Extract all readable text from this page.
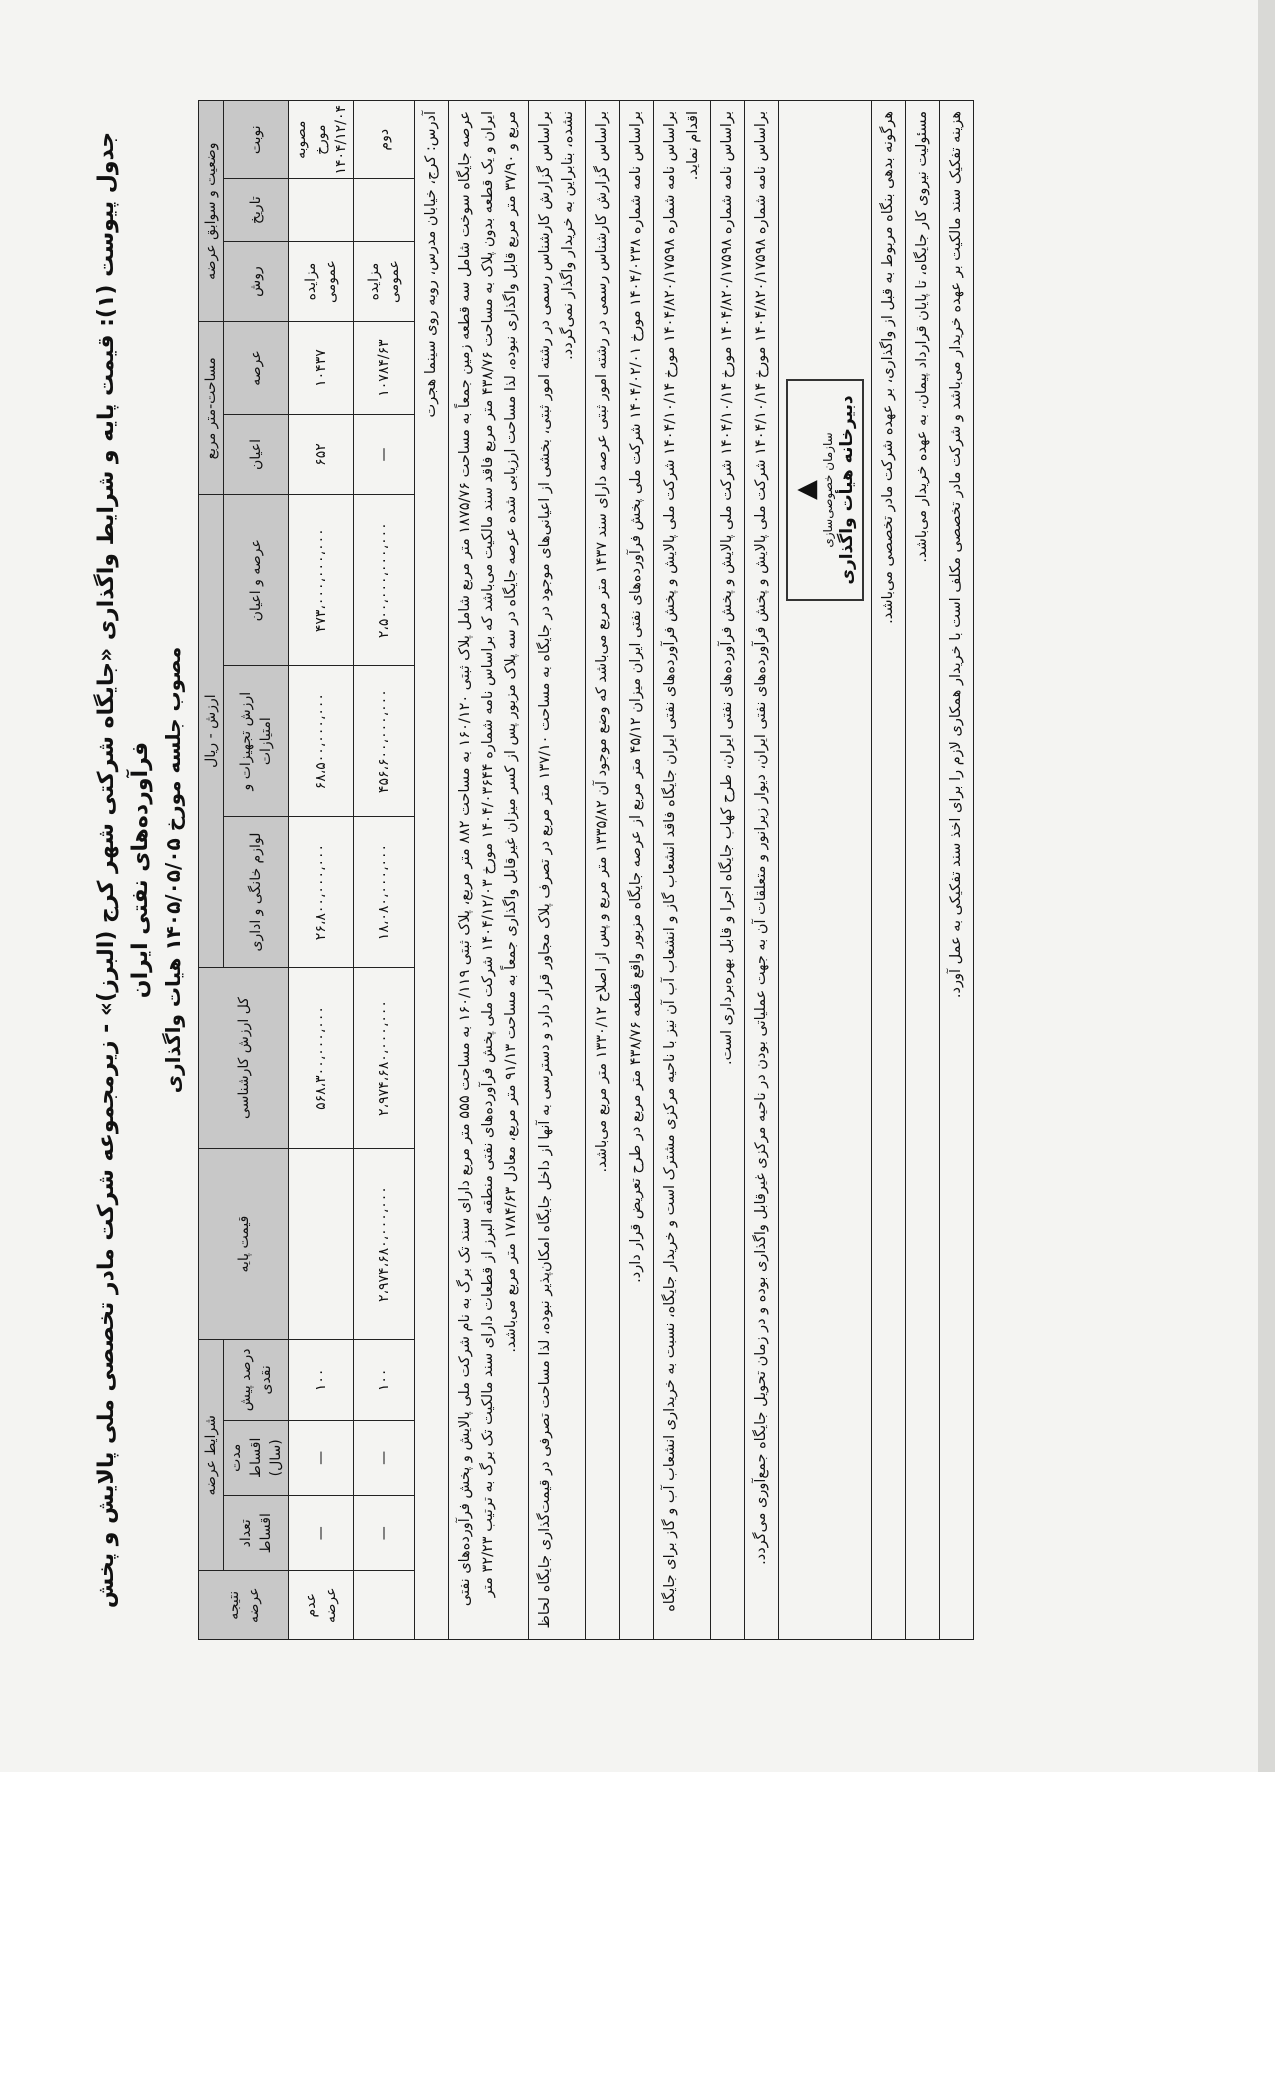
جدول پیوست (۱): قیمت پایه و شرایط واگذاری «جایگاه شرکتی شهر کرج (البرز)» - زیرمجموعه شرکت مادر تخصصی ملی پالایش و پخش فرآورده‌های نفتی ایران

مصوب جلسه مورخ ۱۴۰۵/۰۵/۰۵ هیات واگذاری

وضعیت و سوابق عرضه			مساحت-متر مربع		ارزش - ریال			کل ارزش کارشناسی	قیمت پایه	شرایط عرضه			نتیجه عرضه
نوبت	تاریخ	روش	عرصه	اعیان	عرصه و اعیان	ارزش تجهیزات و امتیازات	لوازم خانگی و اداری			درصد پیش نقدی	مدت اقساط (سال)	تعداد اقساط	
مصوبه مورخ ۱۴۰۴/۱۲/۰۴		مزایده عمومی	۱۰۴۳۷	۶۵۲	۴۷۳،۰۰۰،۰۰۰،۰۰۰	۶۸،۵۰۰،۰۰۰،۰۰۰	۲۶،۸۰۰،۰۰۰،۰۰۰	۵۶۸،۳۰۰،۰۰۰،۰۰۰		۱۰۰	—	—	عدم عرضه
دوم		مزایده عمومی	۱۰۷۸۴/۶۳	—	۲،۵۰۰،۰۰۰،۰۰۰،۰۰۰	۴۵۶،۶۰۰،۰۰۰،۰۰۰	۱۸،۰۸۰،۰۰۰،۰۰۰	۲،۹۷۴،۶۸۰،۰۰۰،۰۰۰	۲،۹۷۴،۶۸۰،۰۰۰،۰۰۰	۱۰۰	—	—	
آدرس: کرج، خیابان مدرس، روبه روی سینما هجرت													
عرصه جایگاه سوخت شامل سه قطعه زمین جمعاً به مساحت ۱۸۷۵/۷۶ متر مربع شامل پلاک ثبتی ۱۶۰/۱۲۰ به مساحت ۸۸۲ متر مربع، پلاک ثبتی ۱۶۰/۱۱۹ به مساحت ۵۵۵ متر مربع دارای سند تک برگ به نام شرکت ملی پالایش و پخش فرآورده‌های نفتی ایران و یک قطعه بدون پلاک به مساحت ۴۳۸/۷۶ متر مربع فاقد سند مالکیت می‌باشد که براساس نامه شماره ۱۴۰۴/۰۳۶۴۴ مورخ ۱۴۰۴/۱۲/۰۳ شرکت ملی پخش فرآورده‌های نفتی منطقه البرز از قطعات دارای سند مالکیت تک برگ به ترتیب ۳۲/۲۳ متر مربع و ۳۷/۹۰ متر مربع قابل واگذاری نبوده، لذا مساحت ارزیابی شده عرصه جایگاه در سه پلاک مزبور پس از کسر میزان غیرقابل واگذاری جمعاً به مساحت ۹۱/۱۳ متر مربع، معادل ۱۷۸۴/۶۳ متر مربع می‌باشد.													
براساس گزارش کارشناس رسمی در رشته امور ثبتی، بخشی از اعیانی‌های موجود در جایگاه به مساحت ۱۳۷/۱۰ متر مربع در تصرف پلاک مجاور قرار دارد و دسترسی به آنها از داخل جایگاه امکان‌پذیر نبوده، لذا مساحت تصرفی در قیمت‌گذاری جایگاه لحاظ نشده، بنابراین به خریدار واگذار نمی‌گردد.													
براساس گزارش کارشناس رسمی در رشته امور ثبتی عرصه دارای سند ۱۴۳۷ متر مربع می‌باشد که وضع موجود آن ۱۳۳۵/۸۲ متر مربع و پس از اصلاح ۱۳۳۰/۱۲ متر مربع می‌باشد.													
براساس نامه شماره ۱۴۰۴/۰۲۳۸ مورخ ۱۴۰۴/۰۲/۰۱ شرکت ملی پخش فرآورده‌های نفتی ایران میزان ۴۵/۱۲ متر مربع از عرصه جایگاه مزبور واقع قطعه ۴۳۸/۷۶ متر مربع در طرح تعریض قرار دارد.													
براساس نامه شماره ۱۴۰۴/۸۲۰/۱۷۵۹۸ مورخ ۱۴۰۴/۱۰/۱۴ شرکت ملی پالایش و پخش فرآورده‌های نفتی ایران جایگاه فاقد انشعاب گاز و انشعاب آب آن نیز با ناحیه مرکزی مشترک است و خریدار جایگاه، نسبت به خریداری انشعاب آب و گاز برای جایگاه اقدام نماید.													
براساس نامه شماره ۱۴۰۴/۸۲۰/۱۷۵۹۸ مورخ ۱۴۰۴/۱۰/۱۴ شرکت ملی پالایش و پخش فرآورده‌های نفتی ایران، طرح کهاب جایگاه اجرا و قابل بهره‌برداری است.													
براساس نامه شماره ۱۴۰۴/۸۲۰/۱۷۵۹۸ مورخ ۱۴۰۴/۱۰/۱۴ شرکت ملی پالایش و پخش فرآورده‌های نفتی ایران، دیوار زیرانور و متعلقات آن به جهت عملیاتی بودن در ناحیه مرکزی غیرقابل واگذاری بوده و در زمان تحویل جایگاه جمع‌آوری می‌گردد.													

▲ سازمان خصوصی‌سازی دبیرخانه هیأت واگذاری													

هرگونه بدهی بنگاه مربوط به قبل از واگذاری، بر عهده شرکت مادر تخصصی می‌باشد.													
مسئولیت نیروی کار جایگاه، تا پایان قرارداد پیمان، به عهده خریدار می‌باشد.													
هزینه تفکیک سند مالکیت بر عهده خریدار می‌باشد و شرکت مادر تخصصی مکلف است با خریدار همکاری لازم را برای اخذ سند تفکیکی به عمل آورد.													
